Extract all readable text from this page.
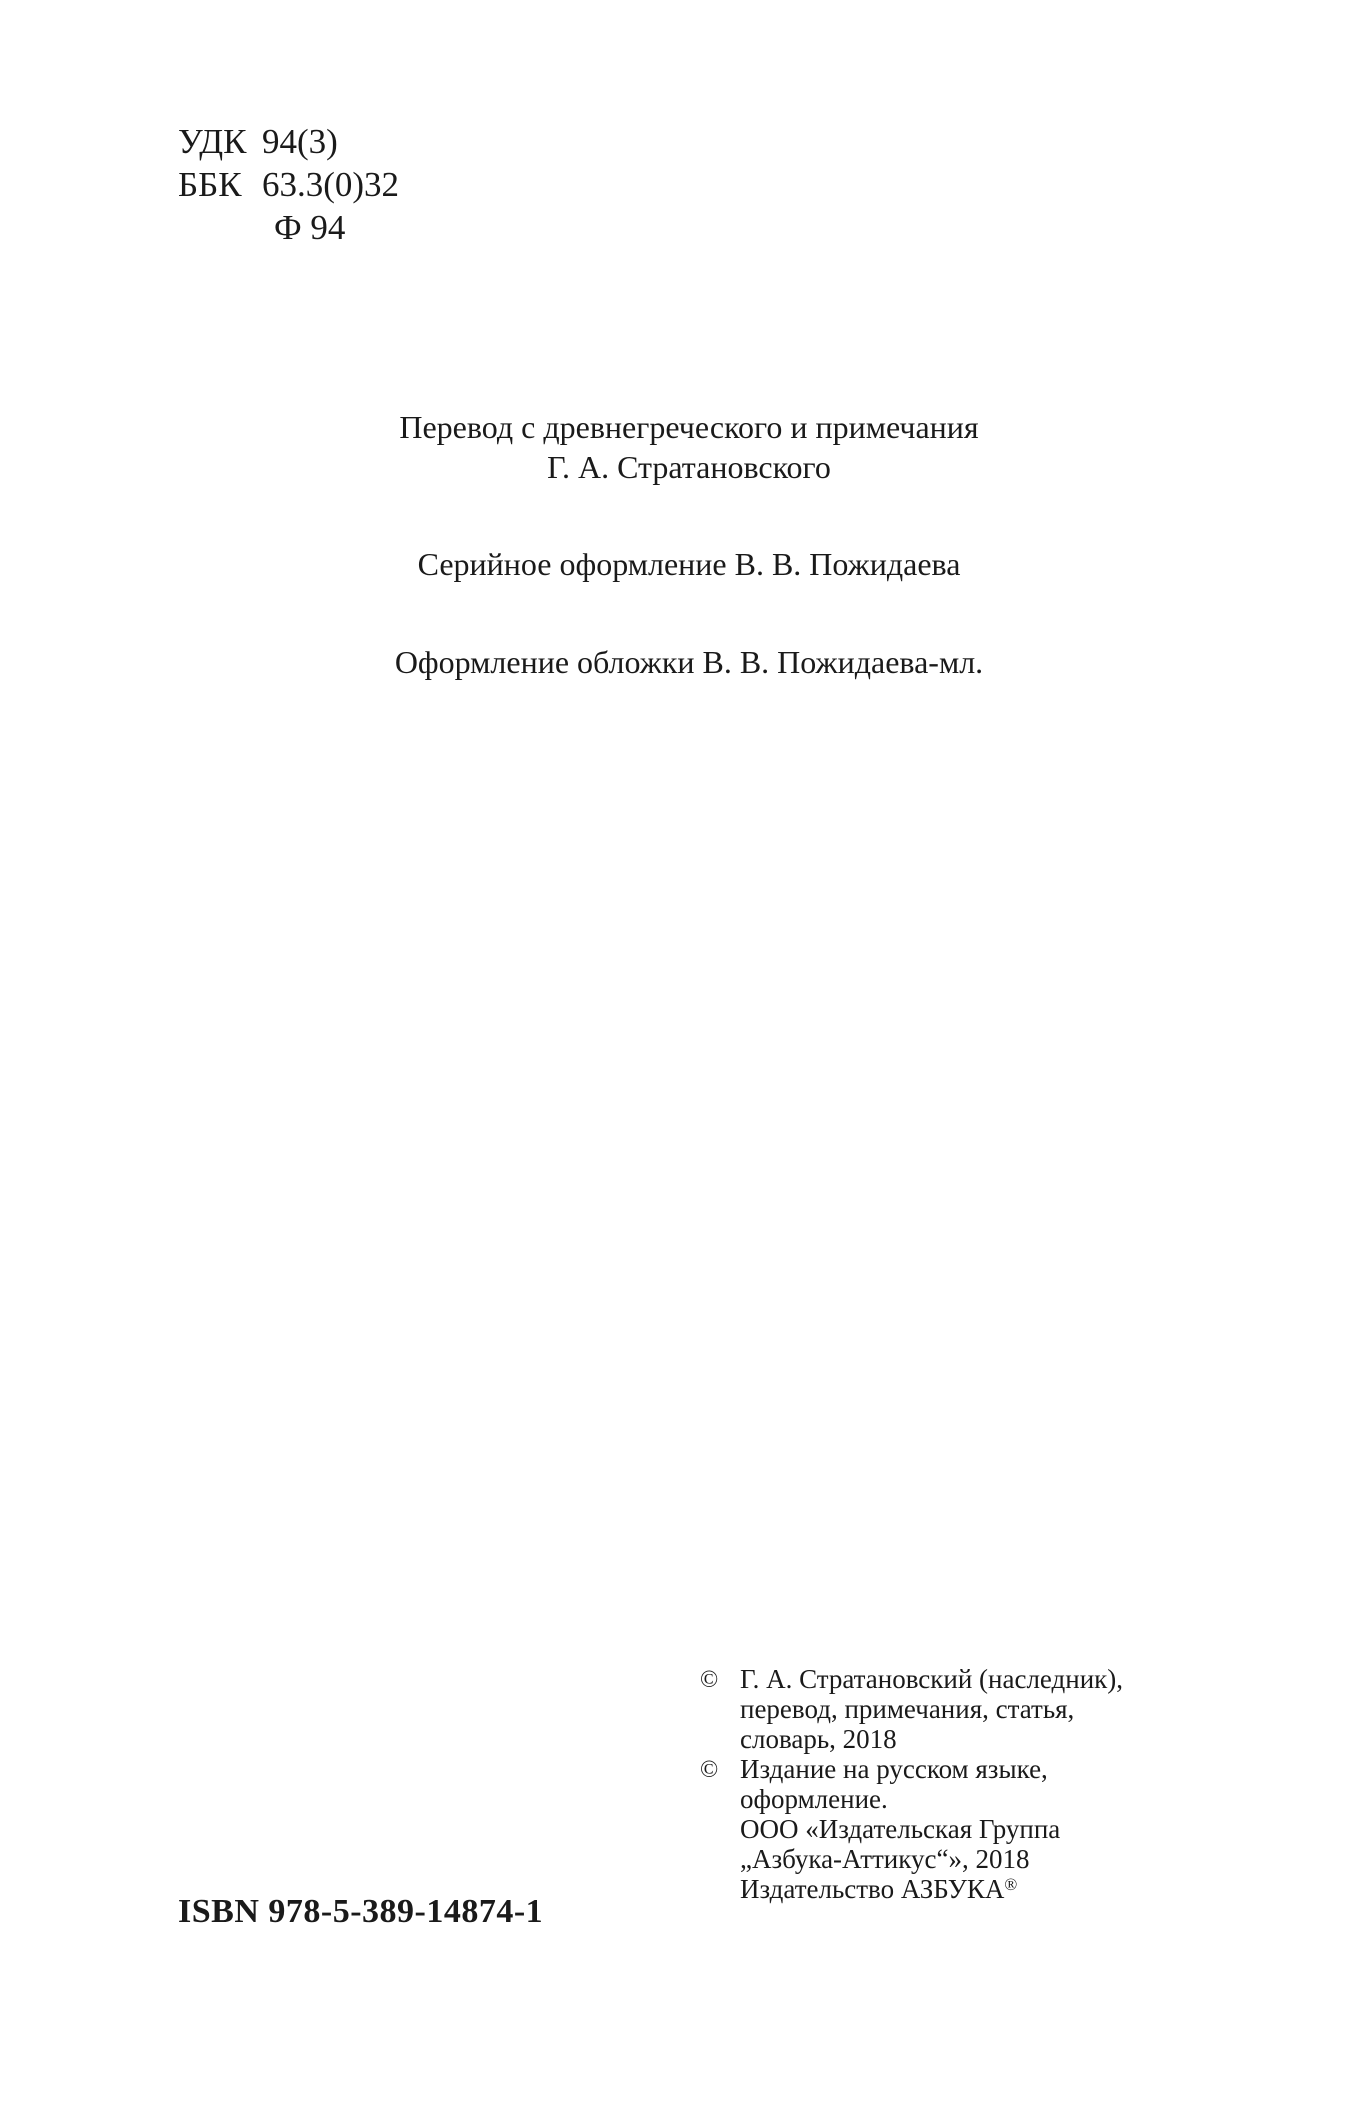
УДК 94(3)
ББК 63.3(0)32
Ф 94
Перевод с древнегреческого и примечания
Г. А. Стратановского
Серийное оформление В. В. Пожидаева
Оформление обложки В. В. Пожидаева-мл.
© Г. А. Стратановский (наследник),
перевод, примечания, статья,
словарь, 2018
© Издание на русском языке,
оформление.
ООО «Издательская Группа
„Азбука-Аттикус“», 2018
Издательство АЗБУКА®
ISBN 978-5-389-14874-1
